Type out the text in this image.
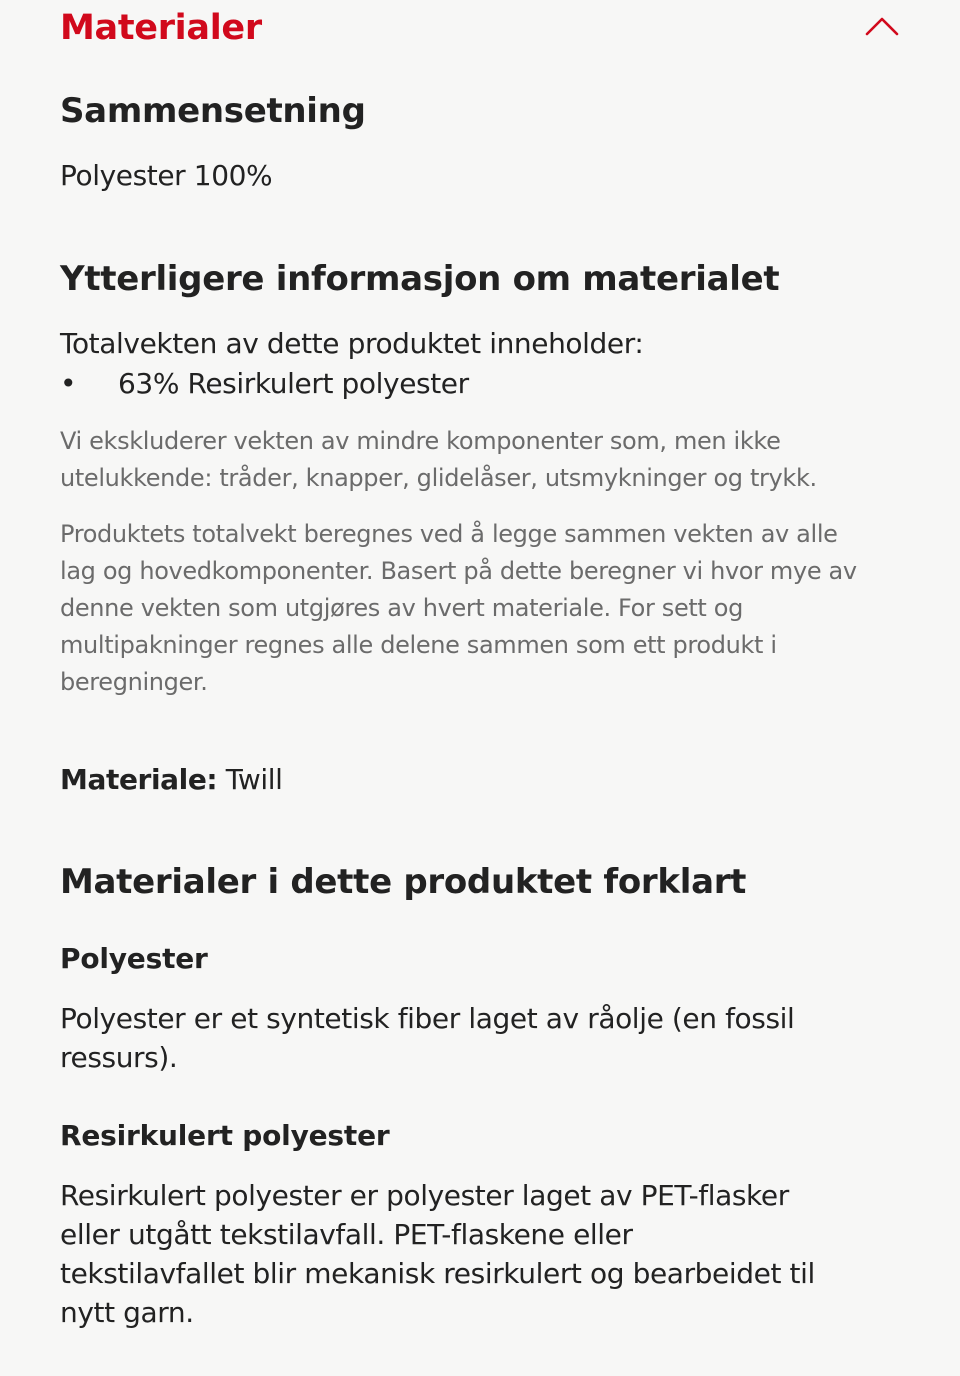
Materialer
Sammensetning

Polyester 100%

Ytterligere informasjon om materialet

Totalvekten av dette produktet inneholder:

• 63% Resirkulert polyester

Vi ekskluderer vekten av mindre komponenter som, men ikke
utelukkende: tråder, knapper, glidelåser, utsmykninger og trykk.

Produktets totalvekt beregnes ved å legge sammen vekten av alle
lag og hovedkomponenter. Basert på dette beregner vi hvor mye av
denne vekten som utgjøres av hvert materiale. For sett og
multipakninger regnes alle delene sammen som ett produkt i
beregninger.

Materiale: Twill

Materialer i dette produktet forklart
Polyester

Polyester er et syntetisk fiber laget av råolje (en fossil
ressurs).

Resirkulert polyester

Resirkulert polyester er polyester laget av PET-flasker
eller utgått tekstilavfall. PET-flaskene eller
tekstilavfallet blir mekanisk resirkulert og bearbeidet til
nytt garn.
